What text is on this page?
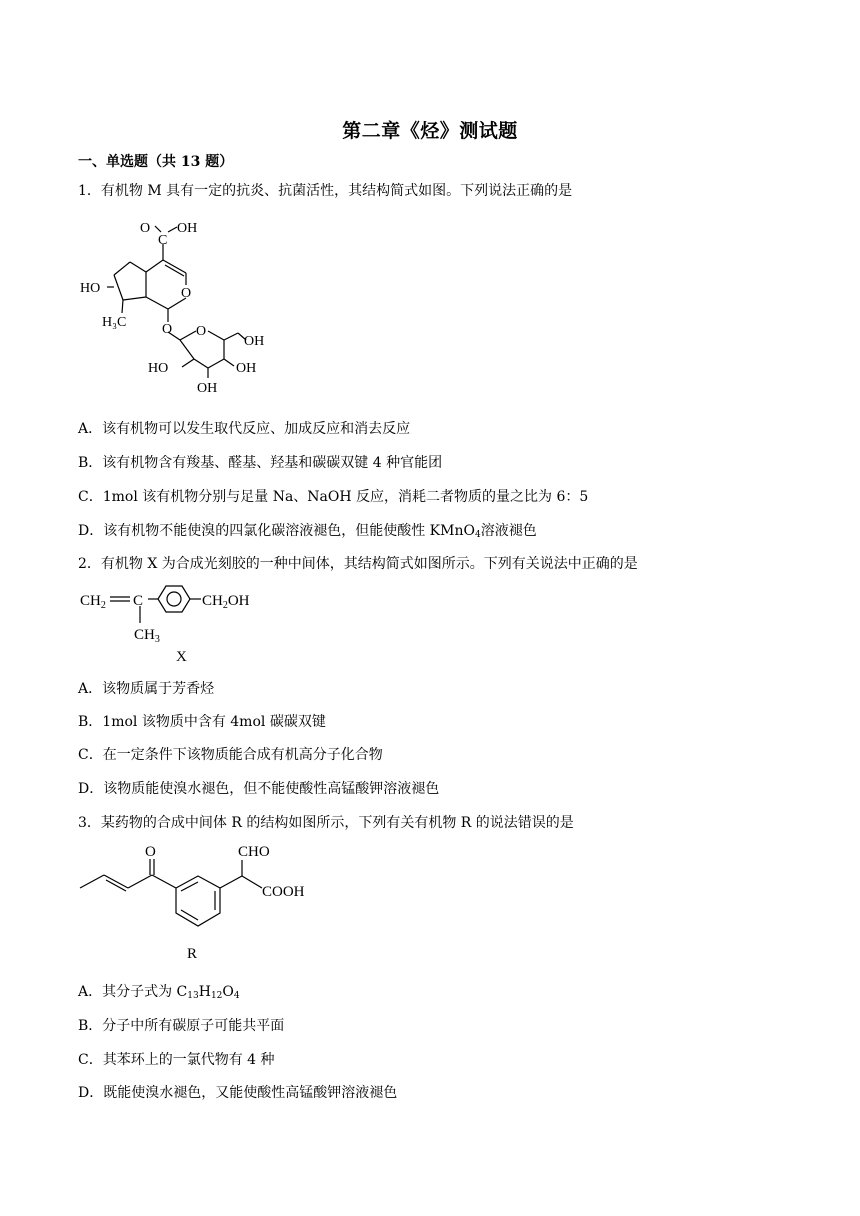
第二章《烃》测试题
一、单选题（共 13 题）
1．有机物 M 具有一定的抗炎、抗菌活性，其结构简式如图。下列说法正确的是
O OH
C
O
HO
H₃C	O O
OH
HO	OH
OH
A．该有机物可以发生取代反应、加成反应和消去反应
B．该有机物含有羧基、醛基、羟基和碳碳双键 4 种官能团
C．1mol 该有机物分别与足量 Na、NaOH 反应，消耗二者物质的量之比为 6：5
D．该有机物不能使溴的四氯化碳溶液褪色，但能使酸性 KMnO$_4$溶液褪色
2．有机物 X 为合成光刻胶的一种中间体，其结构简式如图所示。下列有关说法中正确的是
$CH_2$ C	$CH_2OH$
$CH_3$
X
A．该物质属于芳香烃
B．1mol 该物质中含有 4mol 碳碳双键
C．在一定条件下该物质能合成有机高分子化合物
D．该物质能使溴水褪色，但不能使酸性高锰酸钾溶液褪色
3．某药物的合成中间体 R 的结构如图所示，下列有关有机物 R 的说法错误的是
O	CHO
COOH
R
A．其分子式为 $C_{13}H_{12}O_4$
B．分子中所有碳原子可能共平面
C．其苯环上的一氯代物有 4 种
D．既能使溴水褪色，又能使酸性高锰酸钾溶液褪色
